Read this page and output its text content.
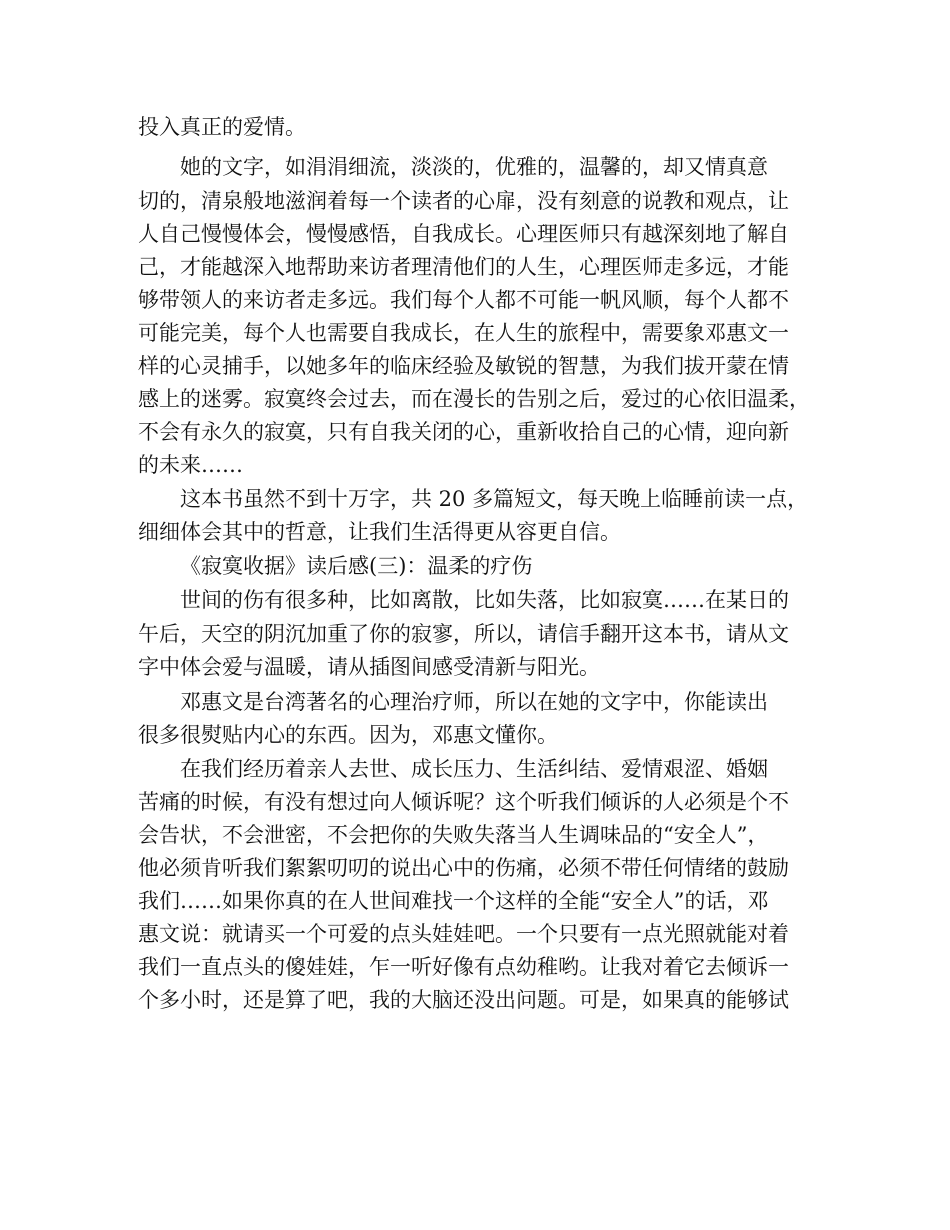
投入真正的爱情。
她的文字，如涓涓细流，淡淡的，优雅的，温馨的，却又情真意
切的，清泉般地滋润着每一个读者的心扉，没有刻意的说教和观点，让
人自己慢慢体会，慢慢感悟，自我成长。心理医师只有越深刻地了解自
己，才能越深入地帮助来访者理清他们的人生，心理医师走多远，才能
够带领人的来访者走多远。我们每个人都不可能一帆风顺，每个人都不
可能完美，每个人也需要自我成长，在人生的旅程中，需要象邓惠文一
样的心灵捕手，以她多年的临床经验及敏锐的智慧，为我们拔开蒙在情
感上的迷雾。寂寞终会过去，而在漫长的告别之后，爱过的心依旧温柔，
不会有永久的寂寞，只有自我关闭的心，重新收拾自己的心情，迎向新
的未来……
这本书虽然不到十万字，共 20 多篇短文，每天晚上临睡前读一点，
细细体会其中的哲意，让我们生活得更从容更自信。
《寂寞收据》读后感(三)：温柔的疗伤
世间的伤有很多种，比如离散，比如失落，比如寂寞……在某日的
午后，天空的阴沉加重了你的寂寥，所以，请信手翻开这本书，请从文
字中体会爱与温暖，请从插图间感受清新与阳光。
邓惠文是台湾著名的心理治疗师，所以在她的文字中，你能读出
很多很熨贴内心的东西。因为，邓惠文懂你。
在我们经历着亲人去世、成长压力、生活纠结、爱情艰涩、婚姻
苦痛的时候，有没有想过向人倾诉呢？这个听我们倾诉的人必须是个不
会告状，不会泄密，不会把你的失败失落当人生调味品的“安全人”，
他必须肯听我们絮絮叨叨的说出心中的伤痛，必须不带任何情绪的鼓励
我们……如果你真的在人世间难找一个这样的全能“安全人”的话，邓
惠文说：就请买一个可爱的点头娃娃吧。一个只要有一点光照就能对着
我们一直点头的傻娃娃，乍一听好像有点幼稚哟。让我对着它去倾诉一
个多小时，还是算了吧，我的大脑还没出问题。可是，如果真的能够试
